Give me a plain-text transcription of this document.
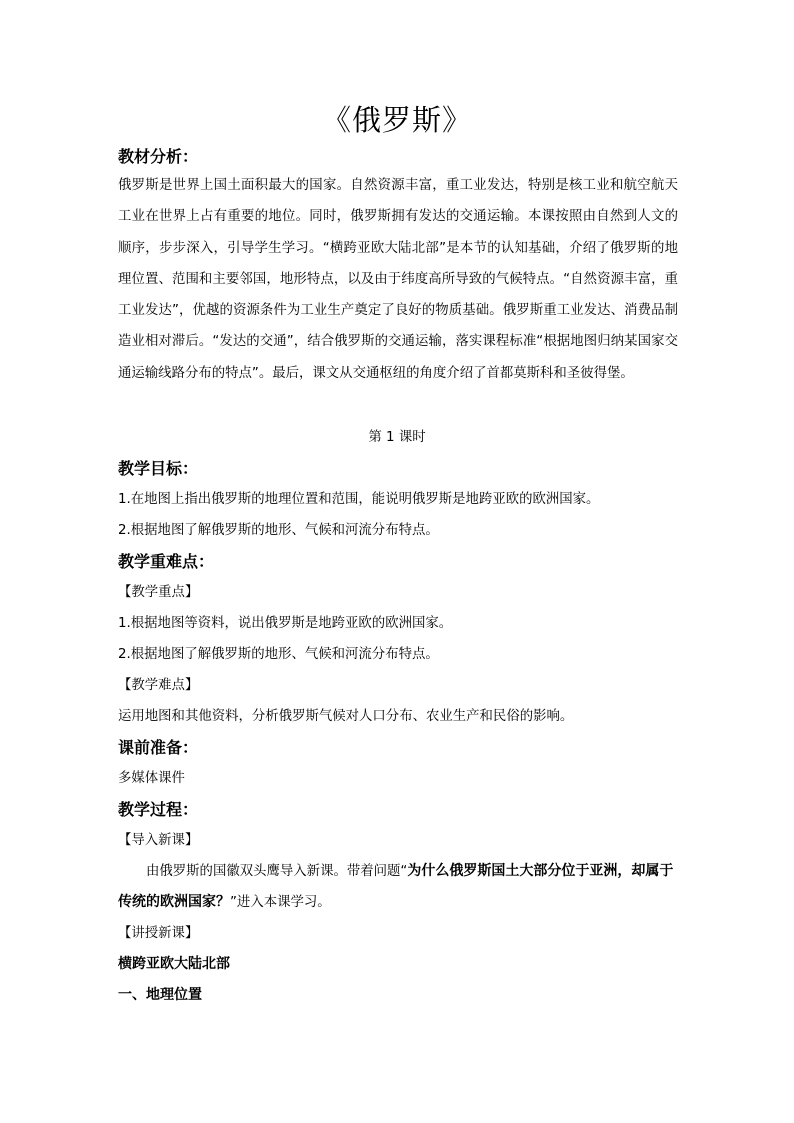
《俄罗斯》
教材分析：
俄罗斯是世界上国土面积最大的国家。自然资源丰富，重工业发达，特别是核工业和航空航天工业在世界上占有重要的地位。同时，俄罗斯拥有发达的交通运输。本课按照由自然到人文的顺序，步步深入，引导学生学习。“横跨亚欧大陆北部”是本节的认知基础，介绍了俄罗斯的地理位置、范围和主要邻国，地形特点，以及由于纬度高所导致的气候特点。“自然资源丰富，重工业发达”，优越的资源条件为工业生产奠定了良好的物质基础。俄罗斯重工业发达、消费品制造业相对滞后。“发达的交通”，结合俄罗斯的交通运输，落实课程标准“根据地图归纳某国家交通运输线路分布的特点”。最后，课文从交通枢纽的角度介绍了首都莫斯科和圣彼得堡。
第 1 课时
教学目标：
1.在地图上指出俄罗斯的地理位置和范围，能说明俄罗斯是地跨亚欧的欧洲国家。
2.根据地图了解俄罗斯的地形、气候和河流分布特点。
教学重难点：
【教学重点】
1.根据地图等资料，说出俄罗斯是地跨亚欧的欧洲国家。
2.根据地图了解俄罗斯的地形、气候和河流分布特点。
【教学难点】
运用地图和其他资料，分析俄罗斯气候对人口分布、农业生产和民俗的影响。
课前准备：
多媒体课件
教学过程：
【导入新课】
由俄罗斯的国徽双头鹰导入新课。带着问题“为什么俄罗斯国土大部分位于亚洲，却属于传统的欧洲国家？”进入本课学习。
【讲授新课】
横跨亚欧大陆北部
一、地理位置
